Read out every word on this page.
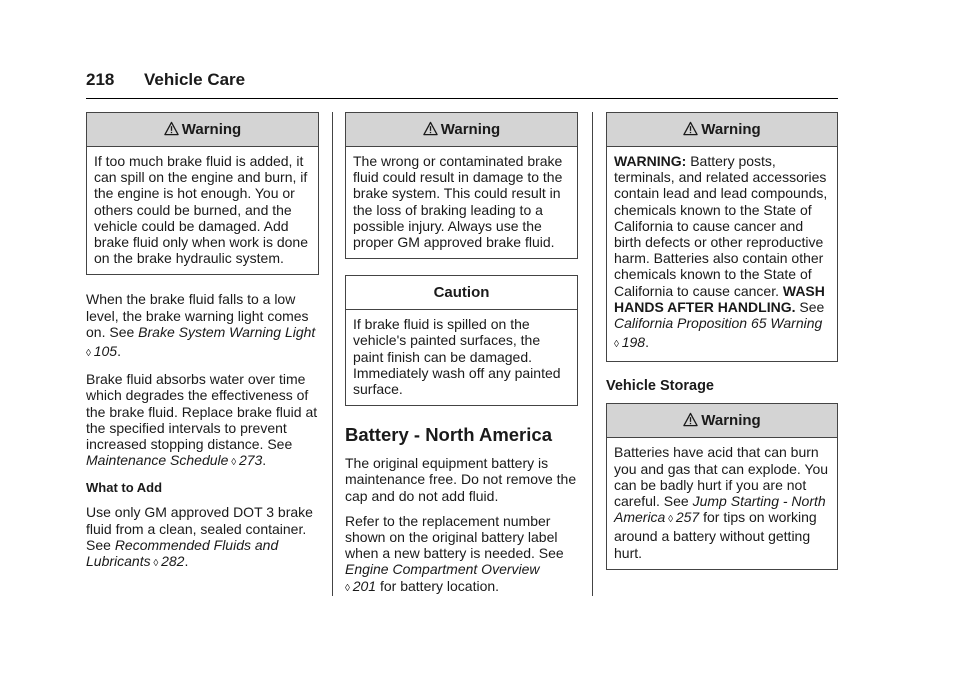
218 Vehicle Care
Warning
If too much brake fluid is added, it can spill on the engine and burn, if the engine is hot enough. You or others could be burned, and the vehicle could be damaged. Add brake fluid only when work is done on the brake hydraulic system.

When the brake fluid falls to a low level, the brake warning light comes on. See Brake System Warning Light ◊ 105.

Brake fluid absorbs water over time which degrades the effectiveness of the brake fluid. Replace brake fluid at the specified intervals to prevent increased stopping distance. See Maintenance Schedule ◊ 273.

What to Add

Use only GM approved DOT 3 brake fluid from a clean, sealed container. See Recommended Fluids and Lubricants ◊ 282.

Warning
The wrong or contaminated brake fluid could result in damage to the brake system. This could result in the loss of braking leading to a possible injury. Always use the proper GM approved brake fluid.
Caution
If brake fluid is spilled on the vehicle's painted surfaces, the paint finish can be damaged. Immediately wash off any painted surface.
Battery - North America

The original equipment battery is maintenance free. Do not remove the cap and do not add fluid.

Refer to the replacement number shown on the original battery label when a new battery is needed. See Engine Compartment Overview
◊ 201 for battery location.

Warning
WARNING: Battery posts, terminals, and related accessories contain lead and lead compounds, chemicals known to the State of California to cause cancer and birth defects or other reproductive harm. Batteries also contain other chemicals known to the State of California to cause cancer. WASH HANDS AFTER HANDLING. See California Proposition 65 Warning ◊ 198.
Vehicle Storage
Warning
Batteries have acid that can burn you and gas that can explode. You can be badly hurt if you are not careful. See Jump Starting - North America ◊ 257 for tips on working around a battery without getting hurt.
